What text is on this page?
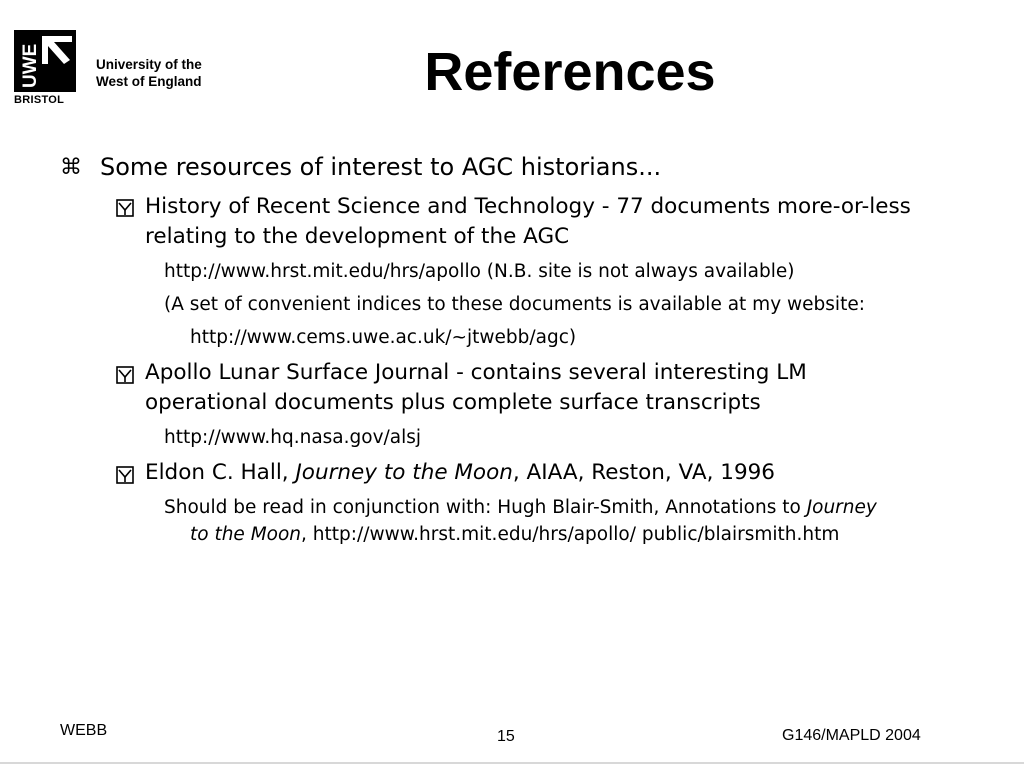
UWE	University of the
West of England
BRISTOL	References
⌘ Some resources of interest to AGC historians...
History of Recent Science and Technology - 77 documents more-or-less
relating to the development of the AGC
http://www.hrst.mit.edu/hrs/apollo (N.B. site is not always available)
(A set of convenient indices to these documents is available at my website:
http://www.cems.uwe.ac.uk/~jtwebb/agc)
Apollo Lunar Surface Journal - contains several interesting LM
operational documents plus complete surface transcripts
http://www.hq.nasa.gov/alsj
Eldon C. Hall, Journey to the Moon, AIAA, Reston, VA, 1996
Should be read in conjunction with: Hugh Blair-Smith, Annotations to Journey
to the Moon, http://www.hrst.mit.edu/hrs/apollo/ public/blairsmith.htm
WEBB	15	G146/MAPLD 2004
